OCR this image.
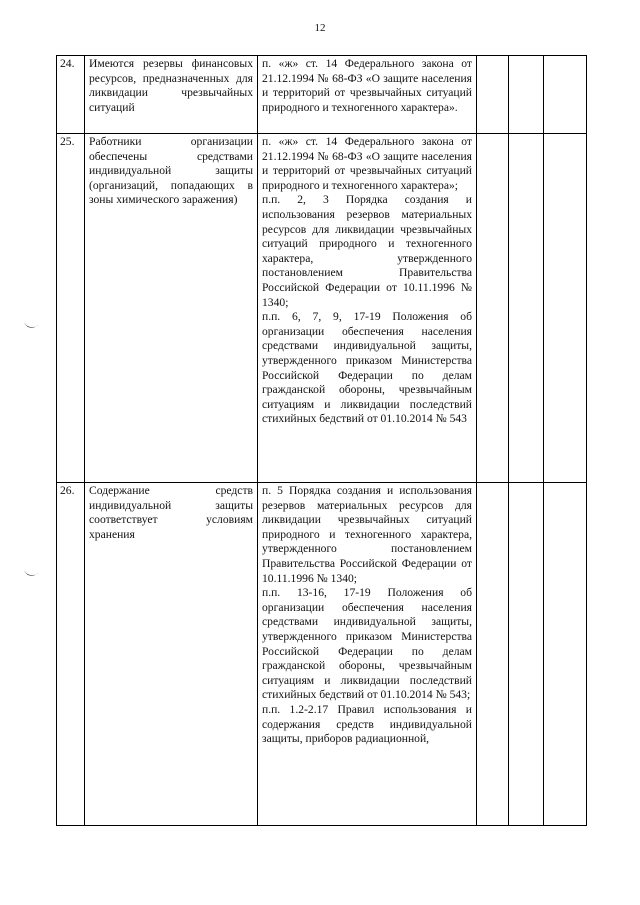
12
24.	Имеются резервы финансовых ресурсов, предназначенных для ликвидации чрезвычайных ситуаций	п. «ж» ст. 14 Федерального закона от 21.12.1994 № 68-ФЗ «О защите населения и территорий от чрезвычайных ситуаций природного и техногенного характера».			

25.	Работники организации обеспечены средствами индивидуальной защиты (организаций, попадающих в зоны химического заражения)	п. «ж» ст. 14 Федерального закона от 21.12.1994 № 68-ФЗ «О защите населения и территорий от чрезвычайных ситуаций природного и техногенного характера»;

п.п. 2, 3 Порядка создания и использования резервов материальных ресурсов для ликвидации чрезвычайных ситуаций природного и техногенного характера, утвержденного постановлением Правительства Российской Федерации от 10.11.1996 № 1340;

п.п. 6, 7, 9, 17-19 Положения об организации обеспечения населения средствами индивидуальной защиты, утвержденного приказом Министерства Российской Федерации по делам гражданской обороны, чрезвычайным ситуациям и ликвидации последствий стихийных бедствий от 01.10.2014 № 543			

26.	Содержание средств индивидуальной защиты соответствует условиям хранения	п. 5 Порядка создания и использования резервов материальных ресурсов для ликвидации чрезвычайных ситуаций природного и техногенного характера, утвержденного постановлением Правительства Российской Федерации от 10.11.1996 № 1340;

п.п. 13-16, 17-19 Положения об организации обеспечения населения средствами индивидуальной защиты, утвержденного приказом Министерства Российской Федерации по делам гражданской обороны, чрезвычайным ситуациям и ликвидации последствий стихийных бедствий от 01.10.2014 № 543;

п.п. 1.2-2.17 Правил использования и содержания средств индивидуальной защиты, приборов радиационной,			
